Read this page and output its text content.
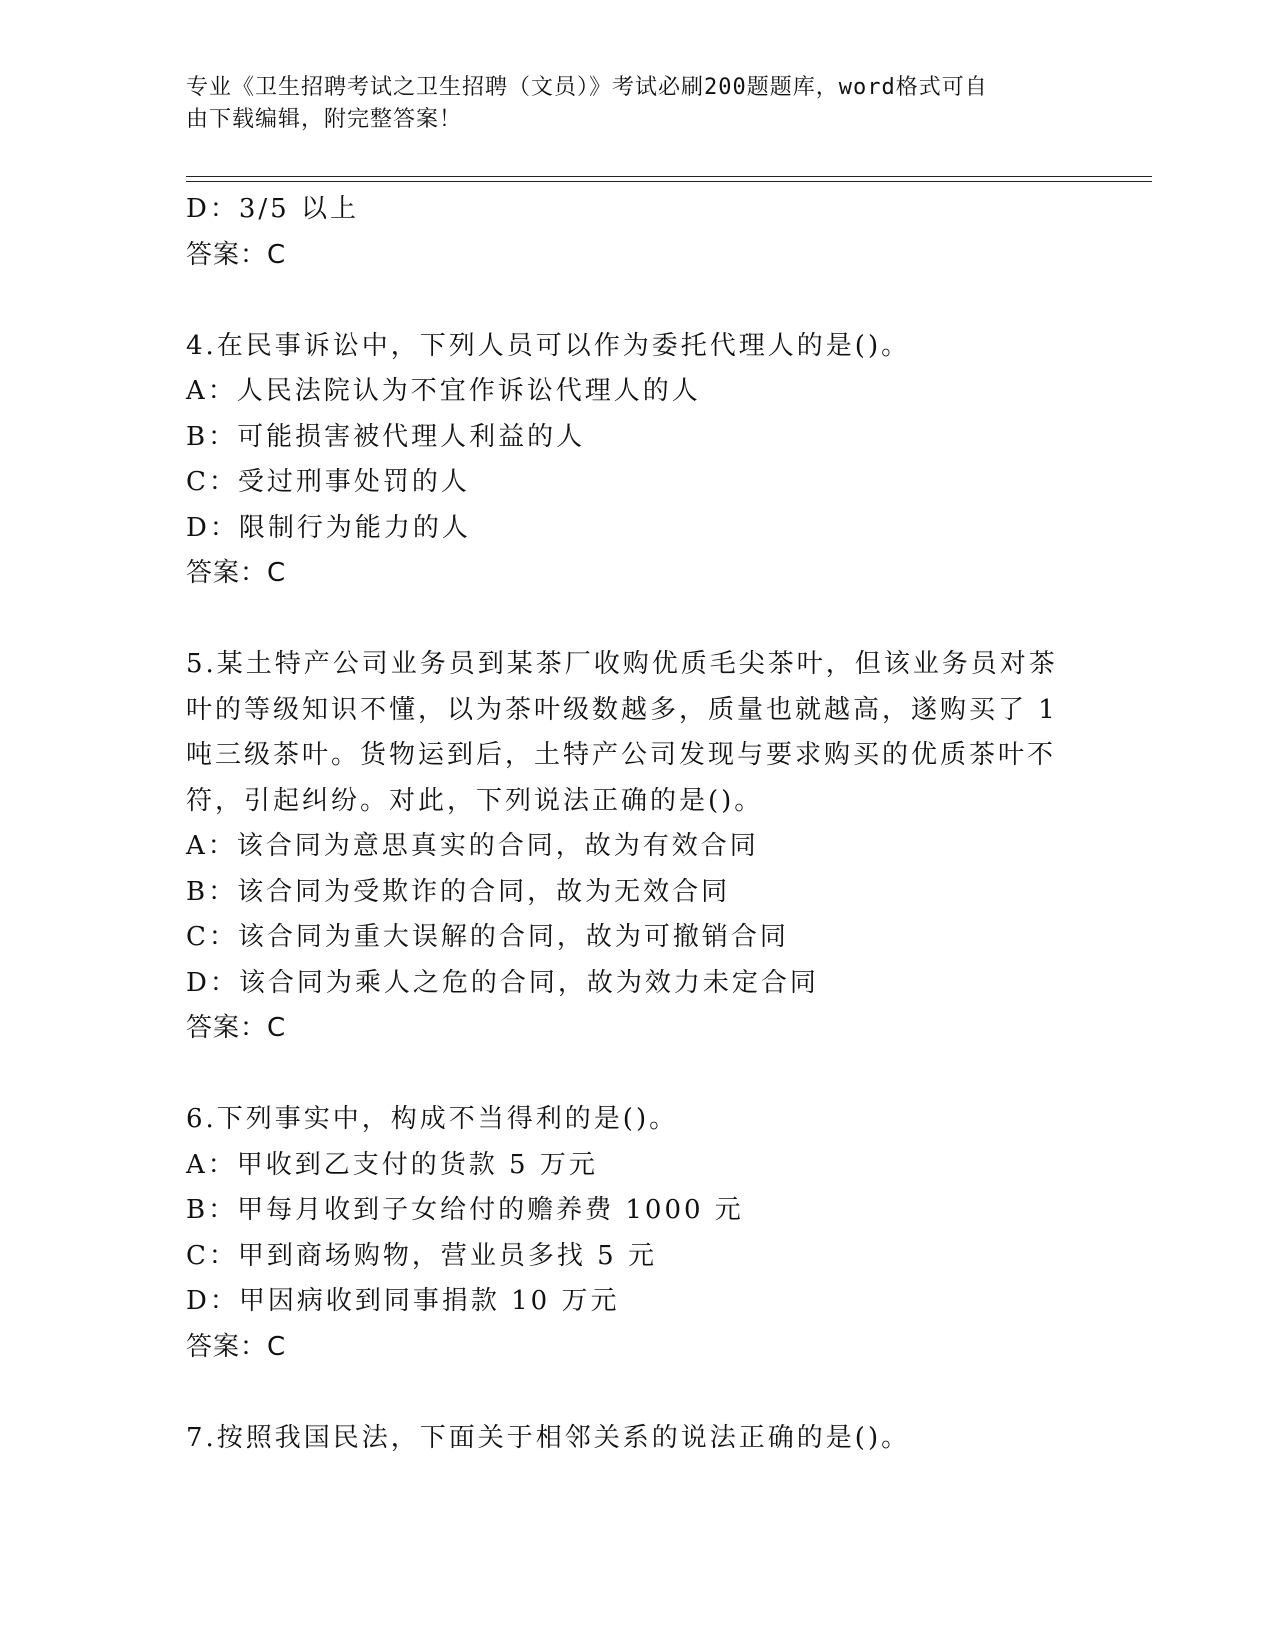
专业《卫生招聘考试之卫生招聘（文员）》考试必刷200题题库，word格式可自
由下载编辑，附完整答案！
D：3/5 以上
答案：C
4.在民事诉讼中，下列人员可以作为委托代理人的是()。
A：人民法院认为不宜作诉讼代理人的人
B：可能损害被代理人利益的人
C：受过刑事处罚的人
D：限制行为能力的人
答案：C
5.某土特产公司业务员到某茶厂收购优质毛尖茶叶，但该业务员对茶
叶的等级知识不懂，以为茶叶级数越多，质量也就越高，遂购买了 1
吨三级茶叶。货物运到后，土特产公司发现与要求购买的优质茶叶不
符，引起纠纷。对此，下列说法正确的是()。
A：该合同为意思真实的合同，故为有效合同
B：该合同为受欺诈的合同，故为无效合同
C：该合同为重大误解的合同，故为可撤销合同
D：该合同为乘人之危的合同，故为效力未定合同
答案：C
6.下列事实中，构成不当得利的是()。
A：甲收到乙支付的货款 5 万元
B：甲每月收到子女给付的赡养费 1000 元
C：甲到商场购物，营业员多找 5 元
D：甲因病收到同事捐款 10 万元
答案：C
7.按照我国民法，下面关于相邻关系的说法正确的是()。
